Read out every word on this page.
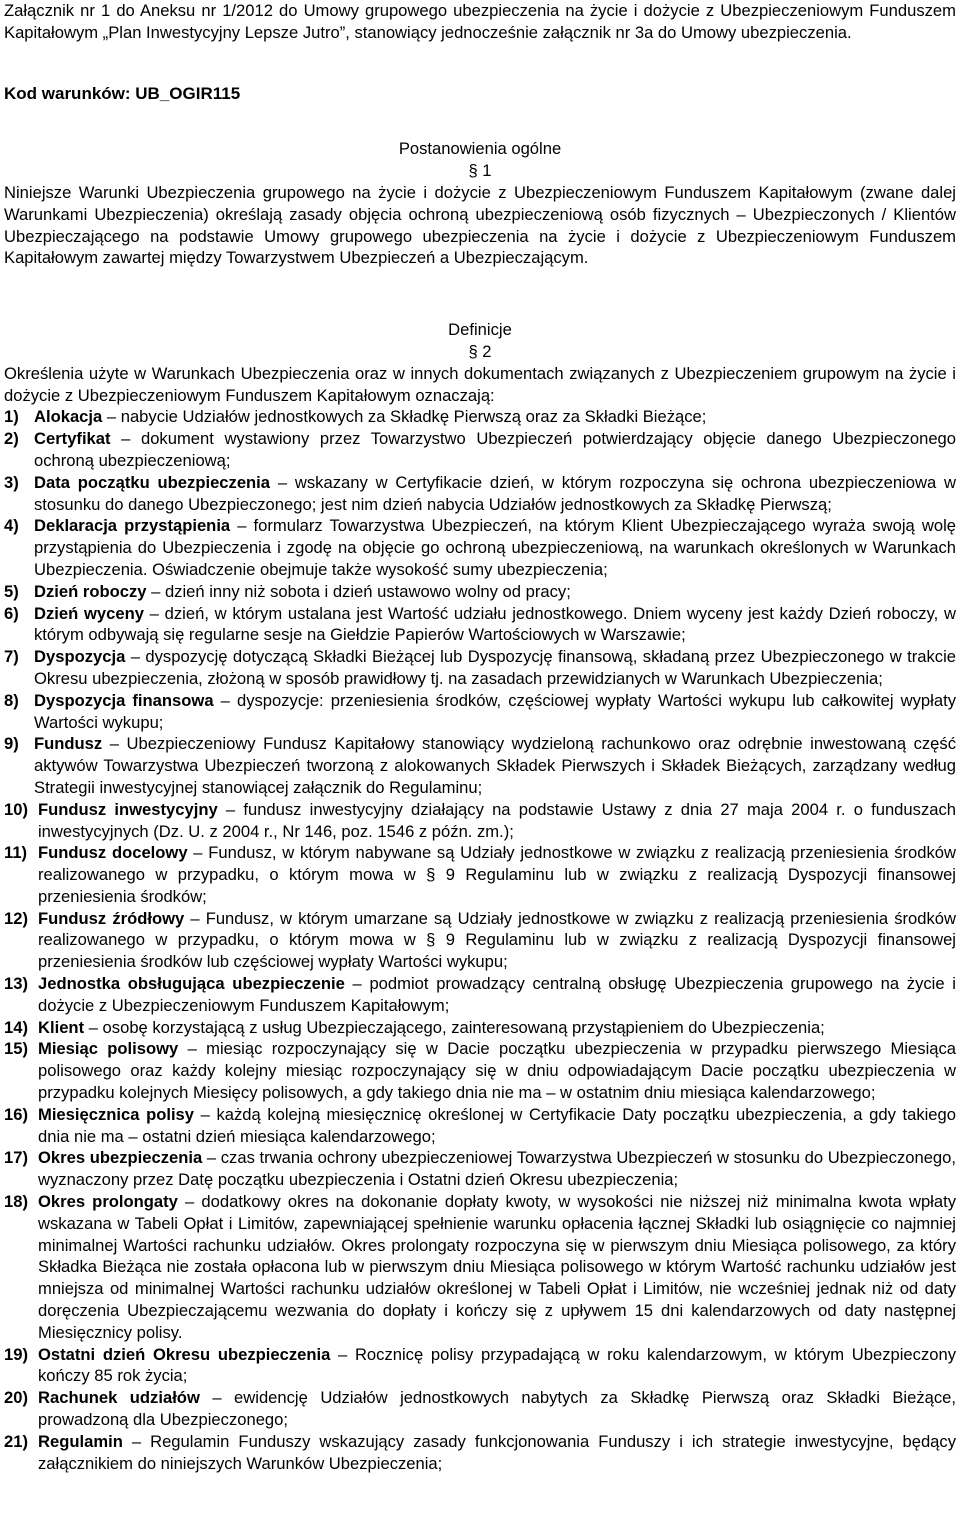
Załącznik nr 1 do Aneksu nr 1/2012 do Umowy grupowego ubezpieczenia na życie i dożycie z Ubezpieczeniowym Funduszem Kapitałowym „Plan Inwestycyjny Lepsze Jutro”, stanowiący jednocześnie załącznik nr 3a do Umowy ubezpieczenia.
Kod warunków: UB_OGIR115
Postanowienia ogólne
§ 1
Niniejsze Warunki Ubezpieczenia grupowego na życie i dożycie z Ubezpieczeniowym Funduszem Kapitałowym (zwane dalej Warunkami Ubezpieczenia) określają zasady objęcia ochroną ubezpieczeniową osób fizycznych – Ubezpieczonych / Klientów Ubezpieczającego na podstawie Umowy grupowego ubezpieczenia na życie i dożycie z Ubezpieczeniowym Funduszem Kapitałowym zawartej między Towarzystwem Ubezpieczeń a Ubezpieczającym.
Definicje
§ 2
Określenia użyte w Warunkach Ubezpieczenia oraz w innych dokumentach związanych z Ubezpieczeniem grupowym na życie i dożycie z Ubezpieczeniowym Funduszem Kapitałowym oznaczają:
1) Alokacja – nabycie Udziałów jednostkowych za Składkę Pierwszą oraz za Składki Bieżące;
2) Certyfikat – dokument wystawiony przez Towarzystwo Ubezpieczeń potwierdzający objęcie danego Ubezpieczonego ochroną ubezpieczeniową;
3) Data początku ubezpieczenia – wskazany w Certyfikacie dzień, w którym rozpoczyna się ochrona ubezpieczeniowa w stosunku do danego Ubezpieczonego; jest nim dzień nabycia Udziałów jednostkowych za Składkę Pierwszą;
4) Deklaracja przystąpienia – formularz Towarzystwa Ubezpieczeń, na którym Klient Ubezpieczającego wyraża swoją wolę przystąpienia do Ubezpieczenia i zgodę na objęcie go ochroną ubezpieczeniową, na warunkach określonych w Warunkach Ubezpieczenia. Oświadczenie obejmuje także wysokość sumy ubezpieczenia;
5) Dzień roboczy – dzień inny niż sobota i dzień ustawowo wolny od pracy;
6) Dzień wyceny – dzień, w którym ustalana jest Wartość udziału jednostkowego. Dniem wyceny jest każdy Dzień roboczy, w którym odbywają się regularne sesje na Giełdzie Papierów Wartościowych w Warszawie;
7) Dyspozycja – dyspozycję dotyczącą Składki Bieżącej lub Dyspozycję finansową, składaną przez Ubezpieczonego w trakcie Okresu ubezpieczenia, złożoną w sposób prawidłowy tj. na zasadach przewidzianych w Warunkach Ubezpieczenia;
8) Dyspozycja finansowa – dyspozycje: przeniesienia środków, częściowej wypłaty Wartości wykupu lub całkowitej wypłaty Wartości wykupu;
9) Fundusz – Ubezpieczeniowy Fundusz Kapitałowy stanowiący wydzieloną rachunkowo oraz odrębnie inwestowaną część aktywów Towarzystwa Ubezpieczeń tworzoną z alokowanych Składek Pierwszych i Składek Bieżących, zarządzany według Strategii inwestycyjnej stanowiącej załącznik do Regulaminu;
10) Fundusz inwestycyjny – fundusz inwestycyjny działający na podstawie Ustawy z dnia 27 maja 2004 r. o funduszach inwestycyjnych (Dz. U. z 2004 r., Nr 146, poz. 1546 z późn. zm.);
11) Fundusz docelowy – Fundusz, w którym nabywane są Udziały jednostkowe w związku z realizacją przeniesienia środków realizowanego w przypadku, o którym mowa w § 9 Regulaminu lub w związku z realizacją Dyspozycji finansowej przeniesienia środków;
12) Fundusz źródłowy – Fundusz, w którym umarzane są Udziały jednostkowe w związku z realizacją przeniesienia środków realizowanego w przypadku, o którym mowa w § 9 Regulaminu lub w związku z realizacją Dyspozycji finansowej przeniesienia środków lub częściowej wypłaty Wartości wykupu;
13) Jednostka obsługująca ubezpieczenie – podmiot prowadzący centralną obsługę Ubezpieczenia grupowego na życie i dożycie z Ubezpieczeniowym Funduszem Kapitałowym;
14) Klient – osobę korzystającą z usług Ubezpieczającego, zainteresowaną przystąpieniem do Ubezpieczenia;
15) Miesiąc polisowy – miesiąc rozpoczynający się w Dacie początku ubezpieczenia w przypadku pierwszego Miesiąca polisowego oraz każdy kolejny miesiąc rozpoczynający się w dniu odpowiadającym Dacie początku ubezpieczenia w przypadku kolejnych Miesięcy polisowych, a gdy takiego dnia nie ma – w ostatnim dniu miesiąca kalendarzowego;
16) Miesięcznica polisy – każdą kolejną miesięcznicę określonej w Certyfikacie Daty początku ubezpieczenia, a gdy takiego dnia nie ma – ostatni dzień miesiąca kalendarzowego;
17) Okres ubezpieczenia – czas trwania ochrony ubezpieczeniowej Towarzystwa Ubezpieczeń w stosunku do Ubezpieczonego, wyznaczony przez Datę początku ubezpieczenia i Ostatni dzień Okresu ubezpieczenia;
18) Okres prolongaty – dodatkowy okres na dokonanie dopłaty kwoty, w wysokości nie niższej niż minimalna kwota wpłaty wskazana w Tabeli Opłat i Limitów, zapewniającej spełnienie warunku opłacenia łącznej Składki lub osiągnięcie co najmniej minimalnej Wartości rachunku udziałów. Okres prolongaty rozpoczyna się w pierwszym dniu Miesiąca polisowego, za który Składka Bieżąca nie została opłacona lub w pierwszym dniu Miesiąca polisowego w którym Wartość rachunku udziałów jest mniejsza od minimalnej Wartości rachunku udziałów określonej w Tabeli Opłat i Limitów, nie wcześniej jednak niż od daty doręczenia Ubezpieczającemu wezwania do dopłaty i kończy się z upływem 15 dni kalendarzowych od daty następnej Miesięcznicy polisy.
19) Ostatni dzień Okresu ubezpieczenia – Rocznicę polisy przypadającą w roku kalendarzowym, w którym Ubezpieczony kończy 85 rok życia;
20) Rachunek udziałów – ewidencję Udziałów jednostkowych nabytych za Składkę Pierwszą oraz Składki Bieżące, prowadzoną dla Ubezpieczonego;
21) Regulamin – Regulamin Funduszy wskazujący zasady funkcjonowania Funduszy i ich strategie inwestycyjne, będący załącznikiem do niniejszych Warunków Ubezpieczenia;
